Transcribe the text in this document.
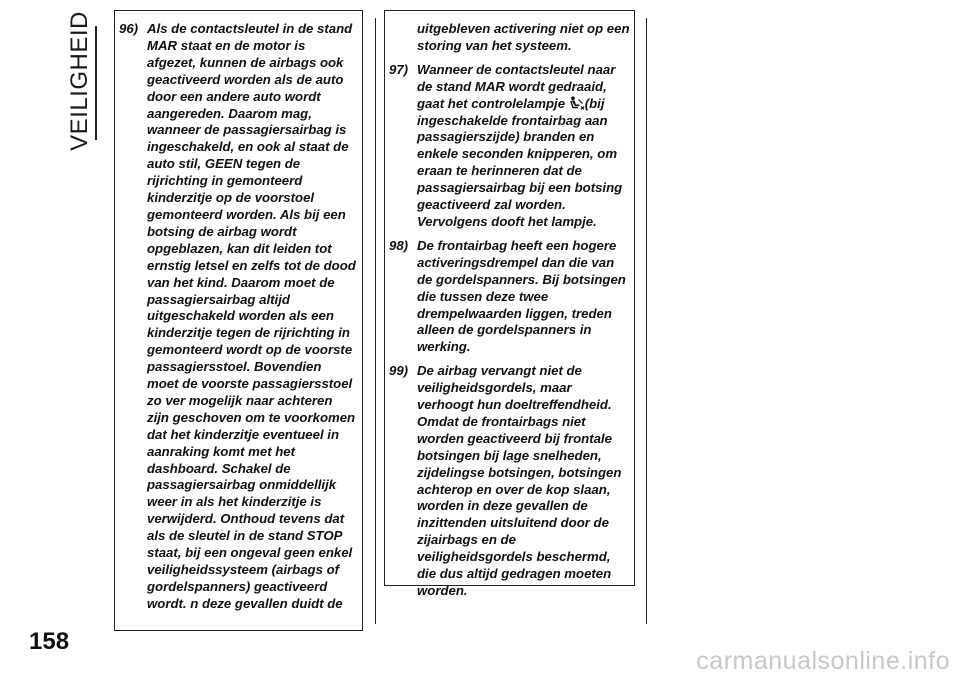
VEILIGHEID 96) Als de contactsleutel in de stand MAR staat en de motor is afgezet, kunnen de airbags ook geactiveerd worden als de auto door een andere auto wordt aangereden. Daarom mag, wanneer de passagiersairbag is ingeschakeld, en ook al staat de auto stil, GEEN tegen de rijrichting in gemonteerd kinderzitje op de voorstoel gemonteerd worden. Als bij een botsing de airbag wordt opgeblazen, kan dit leiden tot ernstig letsel en zelfs tot de dood van het kind. Daarom moet de passagiersairbag altijd uitgeschakeld worden als een kinderzitje tegen de rijrichting in gemonteerd wordt op de voorste passagiersstoel. Bovendien moet de voorste passagiersstoel zo ver mogelijk naar achteren zijn geschoven om te voorkomen dat het kinderzitje eventueel in aanraking komt met het dashboard. Schakel de passagiersairbag onmiddellijk weer in als het kinderzitje is verwijderd. Onthoud tevens dat als de sleutel in de stand STOP staat, bij een ongeval geen enkel veiligheidssysteem (airbags of gordelspanners) geactiveerd wordt. n deze gevallen duidt de
uitgebleven activering niet op een storing van het systeem.
97) Wanneer de contactsleutel naar de stand MAR wordt gedraaid, gaat het controlelampje (bij ingeschakelde frontairbag aan passagierszijde) branden en enkele seconden knipperen, om eraan te herinneren dat de passagiersairbag bij een botsing geactiveerd zal worden. Vervolgens dooft het lampje.
98) De frontairbag heeft een hogere activeringsdrempel dan die van de gordelspanners. Bij botsingen die tussen deze twee drempelwaarden liggen, treden alleen de gordelspanners in werking.
99) De airbag vervangt niet de veiligheidsgordels, maar verhoogt hun doeltreffendheid. Omdat de frontairbags niet worden geactiveerd bij frontale botsingen bij lage snelheden, zijdelingse botsingen, botsingen achterop en over de kop slaan, worden in deze gevallen de inzittenden uitsluitend door de zijairbags en de veiligheidsgordels beschermd, die dus altijd gedragen moeten worden.
158
carmanualsonline.info
